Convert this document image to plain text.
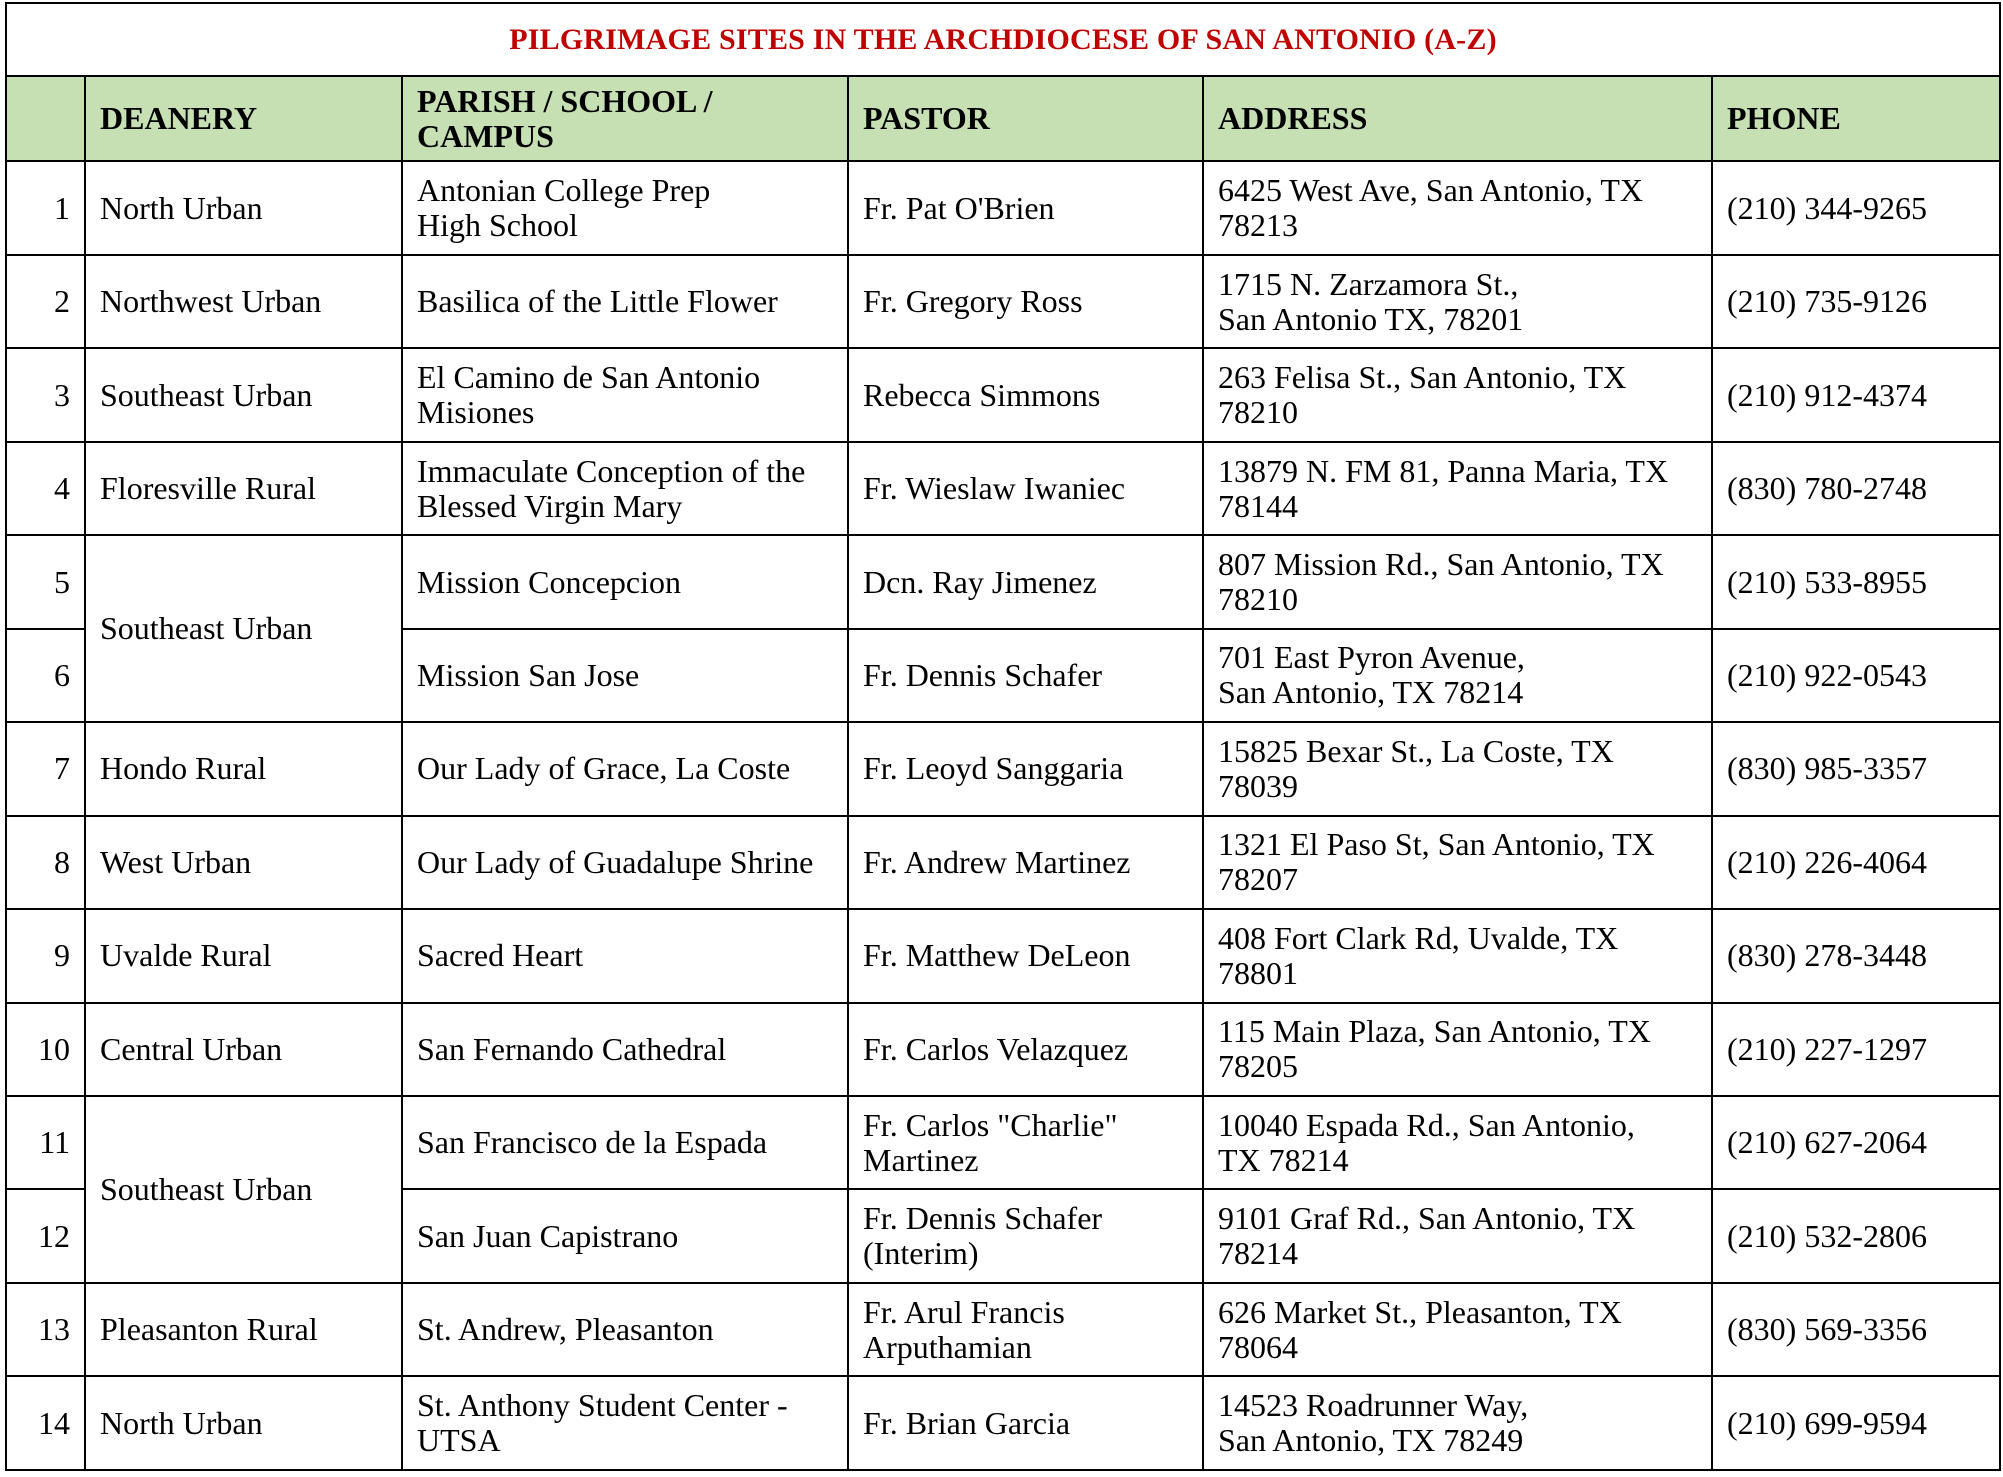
PILGRIMAGE SITES IN THE ARCHDIOCESE OF SAN ANTONIO (A-Z)					
	DEANERY	PARISH / SCHOOL /
CAMPUS	PASTOR	ADDRESS	PHONE
1	North Urban	Antonian College Prep
High School	Fr. Pat O'Brien	6425 West Ave, San Antonio, TX
78213	(210) 344-9265
2	Northwest Urban	Basilica of the Little Flower	Fr. Gregory Ross	1715 N. Zarzamora St.,
San Antonio TX, 78201	(210) 735-9126
3	Southeast Urban	El Camino de San Antonio
Misiones	Rebecca Simmons	263 Felisa St., San Antonio, TX
78210	(210) 912-4374
4	Floresville Rural	Immaculate Conception of the
Blessed Virgin Mary	Fr. Wieslaw Iwaniec	13879 N. FM 81, Panna Maria, TX
78144	(830) 780-2748
5	Southeast Urban	Mission Concepcion	Dcn. Ray Jimenez	807 Mission Rd., San Antonio, TX
78210	(210) 533-8955
6		Mission San Jose	Fr. Dennis Schafer	701 East Pyron Avenue,
San Antonio, TX 78214	(210) 922-0543
7	Hondo Rural	Our Lady of Grace, La Coste	Fr. Leoyd Sanggaria	15825 Bexar St., La Coste, TX
78039	(830) 985-3357
8	West Urban	Our Lady of Guadalupe Shrine	Fr. Andrew Martinez	1321 El Paso St, San Antonio, TX
78207	(210) 226-4064
9	Uvalde Rural	Sacred Heart	Fr. Matthew DeLeon	408 Fort Clark Rd, Uvalde, TX
78801	(830) 278-3448
10	Central Urban	San Fernando Cathedral	Fr. Carlos Velazquez	115 Main Plaza, San Antonio, TX
78205	(210) 227-1297
11	Southeast Urban	San Francisco de la Espada	Fr. Carlos "Charlie"
Martinez	10040 Espada Rd., San Antonio,
TX 78214	(210) 627-2064
12		San Juan Capistrano	Fr. Dennis Schafer
(Interim)	9101 Graf Rd., San Antonio, TX
78214	(210) 532-2806
13	Pleasanton Rural	St. Andrew, Pleasanton	Fr. Arul Francis
Arputhamian	626 Market St., Pleasanton, TX
78064	(830) 569-3356
14	North Urban	St. Anthony Student Center -
UTSA	Fr. Brian Garcia	14523 Roadrunner Way,
San Antonio, TX 78249	(210) 699-9594
